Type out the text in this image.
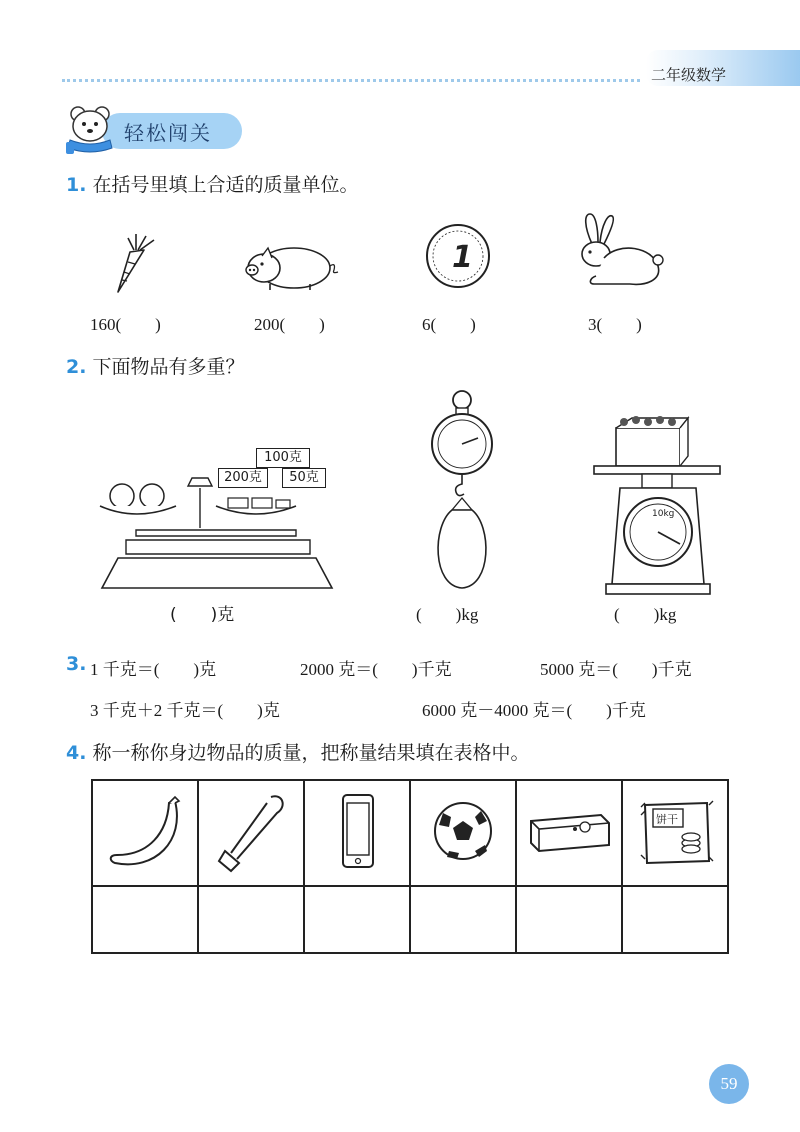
二年级数学
轻松闯关
1. 在括号里填上合适的质量单位。
1
160(　　)	200(　　)	6(　　)	3(　　)
2. 下面物品有多重？
100克
200克	50克
(　　)克	(　　)kg
10kg
(　　)kg
3. 1 千克＝(　　)克	2000 克＝(　　)千克	5000 克＝(　　)千克
3 千克＋2 千克＝(　　)克	6000 克－4000 克＝(　　)千克
4. 称一称你身边物品的质量，把称量结果填在表格中。

饼干

59
